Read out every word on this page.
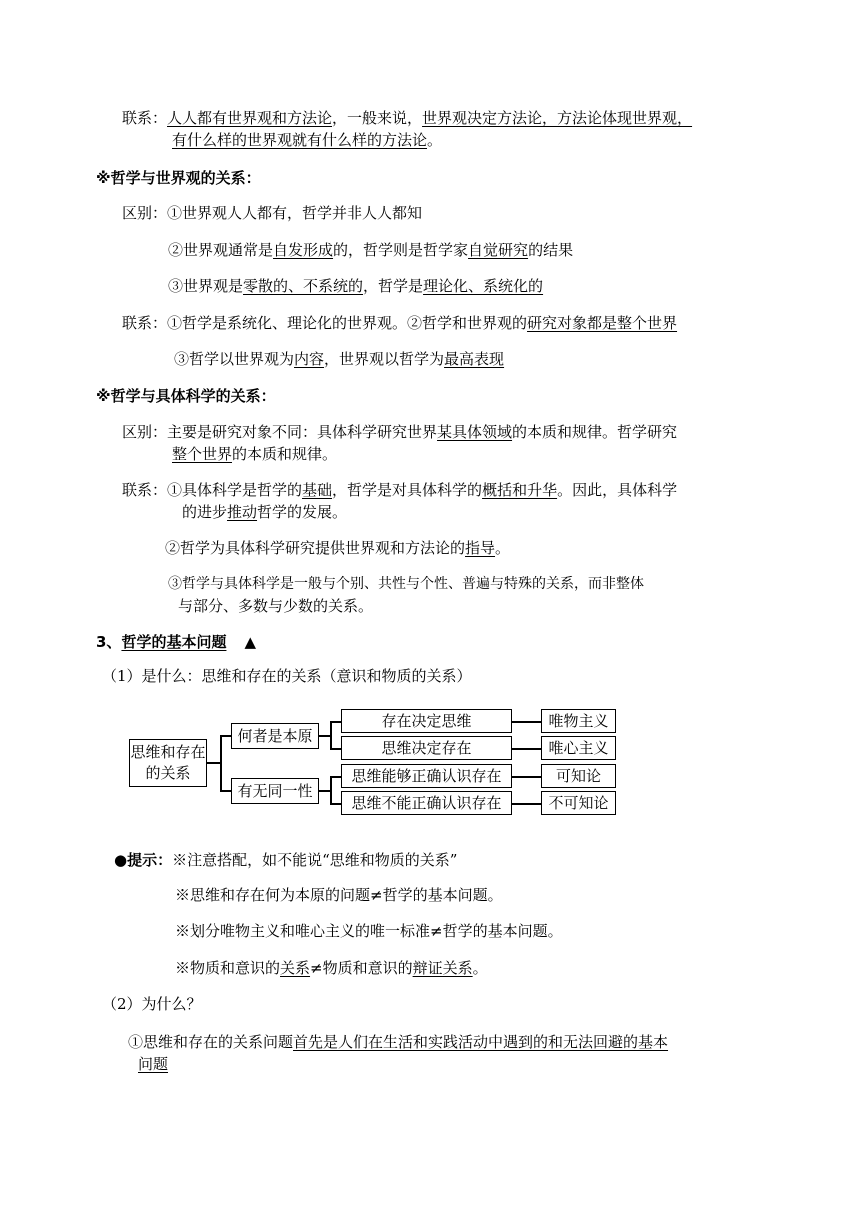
联系：人人都有世界观和方法论，一般来说，世界观决定方法论，方法论体现世界观，
有什么样的世界观就有什么样的方法论。
※哲学与世界观的关系：
区别：①世界观人人都有，哲学并非人人都知
②世界观通常是自发形成的，哲学则是哲学家自觉研究的结果
③世界观是零散的、不系统的，哲学是理论化、系统化的
联系：①哲学是系统化、理论化的世界观。②哲学和世界观的研究对象都是整个世界
③哲学以世界观为内容，世界观以哲学为最高表现
※哲学与具体科学的关系：
区别：主要是研究对象不同：具体科学研究世界某具体领域的本质和规律。哲学研究
整个世界的本质和规律。
联系：①具体科学是哲学的基础，哲学是对具体科学的概括和升华。因此，具体科学
的进步推动哲学的发展。
②哲学为具体科学研究提供世界观和方法论的指导。
③哲学与具体科学是一般与个别、共性与个性、普遍与特殊的关系，而非整体
与部分、多数与少数的关系。
3、哲学的基本问题 ▲
（1）是什么：思维和存在的关系（意识和物质的关系）
思维和存在的关系
何者是本原
存在决定思维
思维决定存在
唯物主义
唯心主义
有无同一性
思维能够正确认识存在
思维不能正确认识存在
可知论
不可知论
●提示：※注意搭配，如不能说“思维和物质的关系”
※思维和存在何为本原的问题≠哲学的基本问题。
※划分唯物主义和唯心主义的唯一标准≠哲学的基本问题。
※物质和意识的关系≠物质和意识的辩证关系。
（2）为什么？
①思维和存在的关系问题首先是人们在生活和实践活动中遇到的和无法回避的基本
问题
